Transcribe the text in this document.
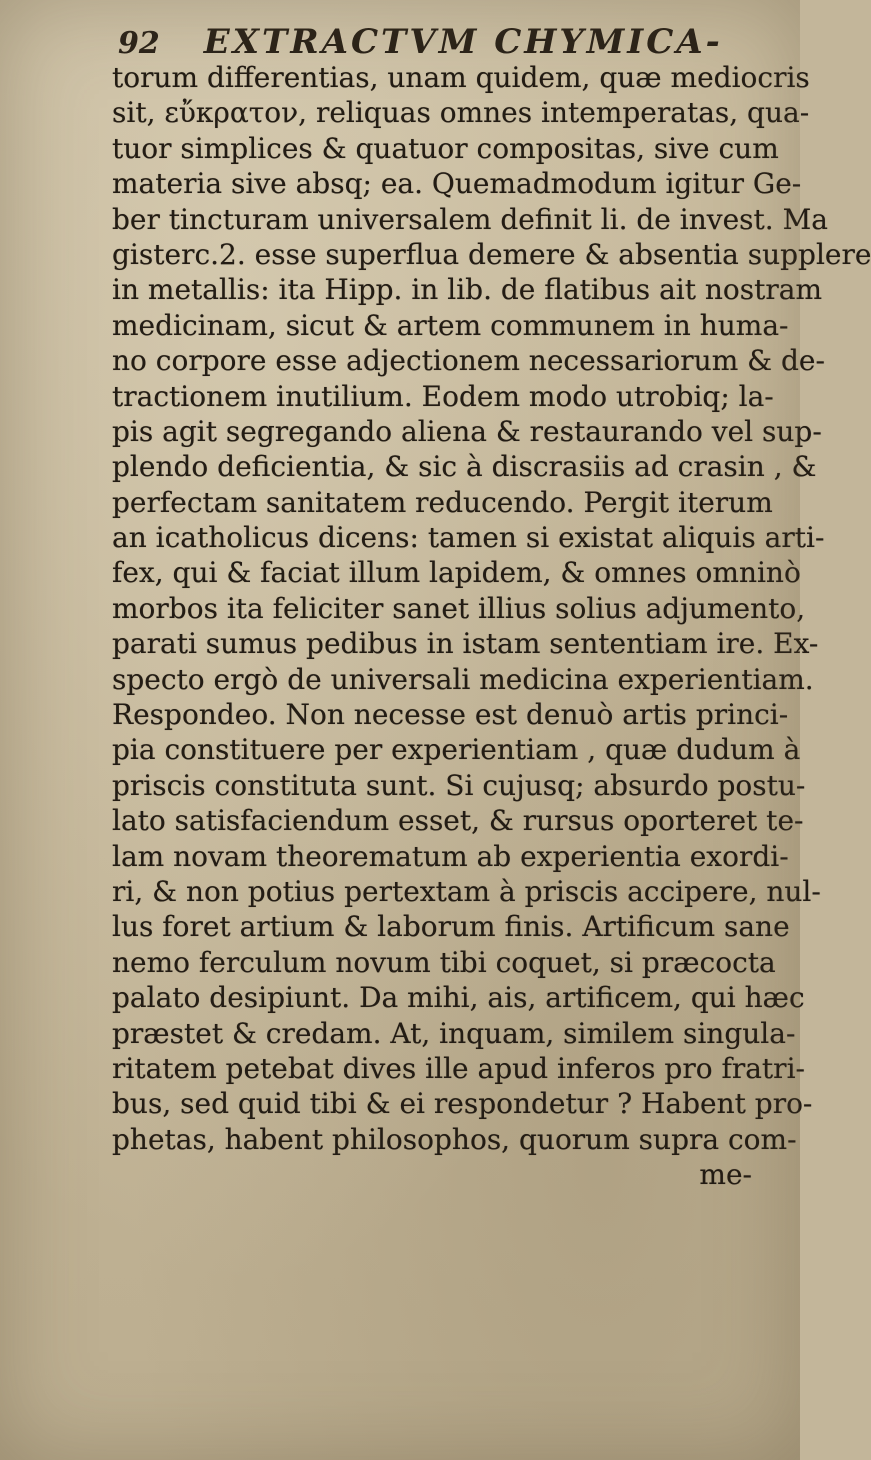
92 EXTRACTVM CHYMICA-
torum differentias, unam quidem, quæ mediocris
sit, εὔκρατον, reliquas omnes intemperatas, qua-
tuor simplices & quatuor compositas, sive cum
materia sive absq; ea. Quemadmodum igitur Ge-
ber tincturam universalem definit li. de invest. Ma
gisterc.2. esse superflua demere & absentia supplere
in metallis: ita Hipp. in lib. de flatibus ait nostram
medicinam, sicut & artem communem in huma-
no corpore esse adjectionem necessariorum & de-
tractionem inutilium. Eodem modo utrobiq; la-
pis agit segregando aliena & restaurando vel sup-
plendo deficientia, & sic à discrasiis ad crasin , &
perfectam sanitatem reducendo. Pergit iterum
an icatholicus dicens: tamen si existat aliquis arti-
fex, qui & faciat illum lapidem, & omnes omninò
morbos ita feliciter sanet illius solius adjumento,
parati sumus pedibus in istam sententiam ire. Ex-
specto ergò de universali medicina experientiam.
Respondeo. Non necesse est denuò artis princi-
pia constituere per experientiam , quæ dudum à
priscis constituta sunt. Si cujusq; absurdo postu-
lato satisfaciendum esset, & rursus oporteret te-
lam novam theorematum ab experientia exordi-
ri, & non potius pertextam à priscis accipere, nul-
lus foret artium & laborum finis. Artificum sane
nemo ferculum novum tibi coquet, si præcocta
palato desipiunt. Da mihi, ais, artificem, qui hæc
præstet & credam. At, inquam, similem singula-
ritatem petebat dives ille apud inferos pro fratri-
bus, sed quid tibi & ei respondetur ? Habent pro-
phetas, habent philosophos, quorum supra com-
me-
